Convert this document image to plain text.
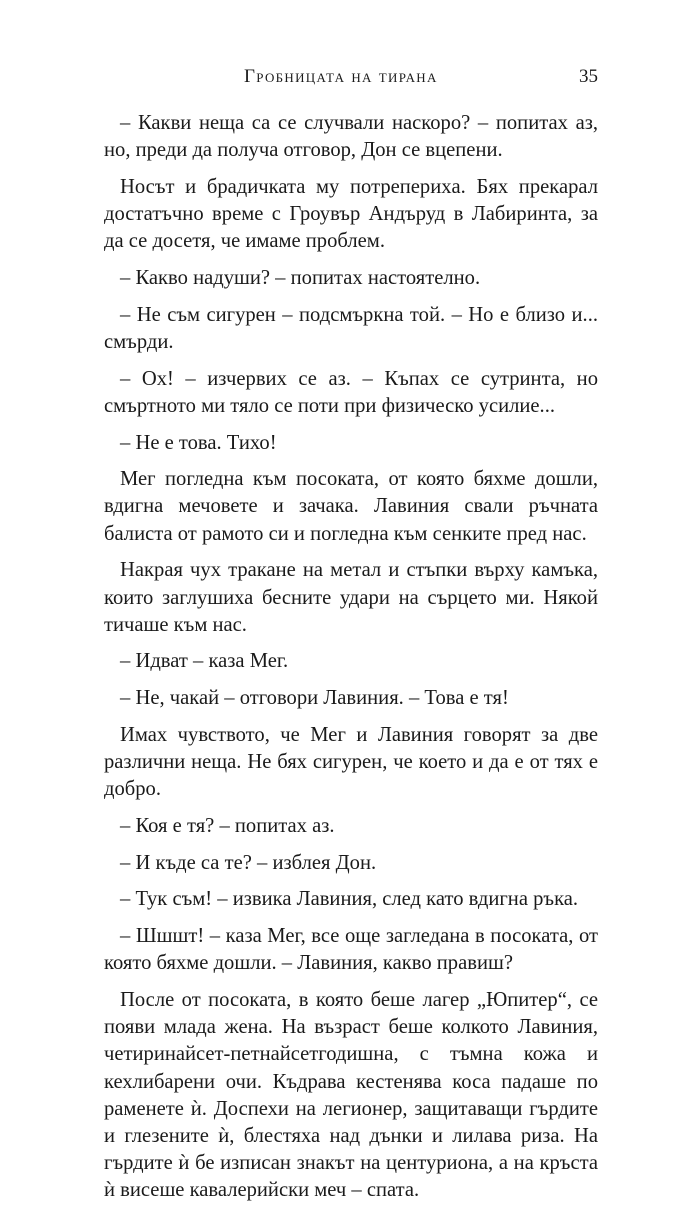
Гробницата на тирана	35

– Какви неща са се случвали наскоро? – попитах аз, но, преди да получа отговор, Дон се вцепени.

Носът и брадичката му потреперихa. Бях прекарал достатъчно време с Гроувър Андъруд в Лабиринта, за да се досетя, че имаме проблем.

– Какво надуши? – попитах настоятелно.

– Не съм сигурен – подсмъркна той. – Но е близо и... смърди.

– Ох! – изчервих се аз. – Къпах се сутринта, но смъртното ми тяло се поти при физическо усилие...

– Не е това. Тихо!

Мег погледна към посоката, от която бяхме дошли, вдигна мечовете и зачака. Лавиния свали ръчната балиста от рамото си и погледна към сенките пред нас.

Накрая чух тракане на метал и стъпки върху камъка, които заглушиха бесните удари на сърцето ми. Някой тичаше към нас.

– Идват – каза Мег.

– Не, чакай – отговори Лавиния. – Това е тя!

Имах чувството, че Мег и Лавиния говорят за две различни неща. Не бях сигурен, че което и да е от тях е добро.

– Коя е тя? – попитах аз.

– И къде са те? – изблея Дон.

– Тук съм! – извика Лавиния, след като вдигна ръка.

– Шшшт! – каза Мег, все още загледана в посоката, от която бяхме дошли. – Лавиния, какво правиш?

После от посоката, в която беше лагер „Юпитер“, се появи млада жена. На възраст беше колкото Лавиния, четиринайсет-петнайсетгодишна, с тъмна кожа и кехлибарени очи. Къдрава кестенява коса падаше по раменете ѝ. Доспехи на легионер, защитаващи гърдите и глезените ѝ, блестяха над дънки и лилава риза. На гърдите ѝ бе изписан знакът на центуриона, а на кръста ѝ висеше кавалерийски меч – спата.
